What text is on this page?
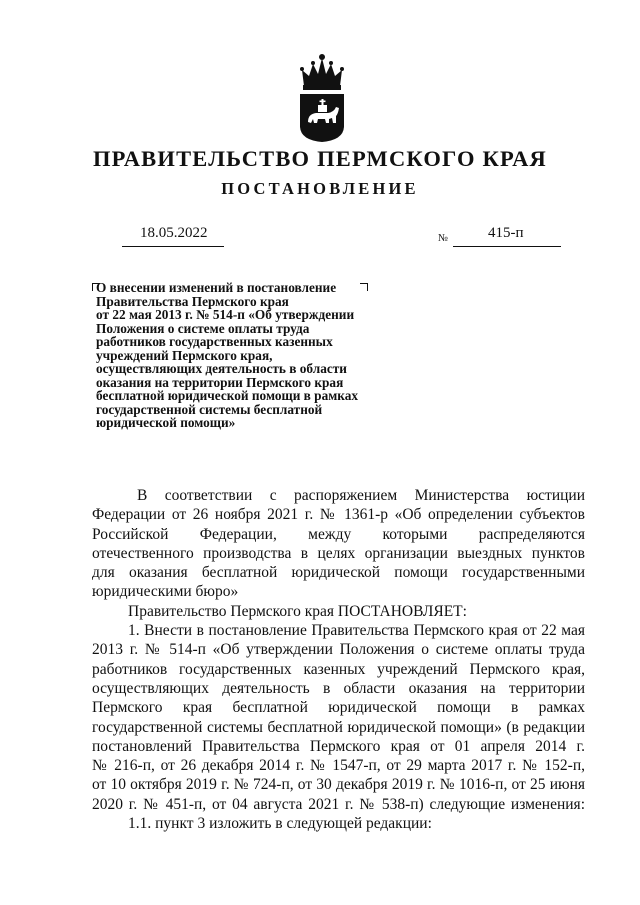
ПРАВИТЕЛЬСТВО ПЕРМСКОГО КРАЯ
ПОСТАНОВЛЕНИЕ
18.05.2022	№	415-п
О внесении изменений в постановление
Правительства Пермского края
от 22 мая 2013 г. № 514-п «Об утверждении
Положения о системе оплаты труда
работников государственных казенных
учреждений Пермского края,
осуществляющих деятельность в области
оказания на территории Пермского края
бесплатной юридической помощи в рамках
государственной системы бесплатной
юридической помощи»
В соответствии с распоряжением Министерства юстиции
Федерации от 26 ноября 2021 г. № 1361-р «Об определении субъектов
Российской Федерации, между которыми распределяются
отечественного производства в целях организации выездных пунктов
для оказания бесплатной юридической помощи государственными
юридическими бюро»
Правительство Пермского края ПОСТАНОВЛЯЕТ:
1. Внести в постановление Правительства Пермского края от 22 мая
2013 г. № 514-п «Об утверждении Положения о системе оплаты труда
работников государственных казенных учреждений Пермского края,
осуществляющих деятельность в области оказания на территории
Пермского края бесплатной юридической помощи в рамках
государственной системы бесплатной юридической помощи» (в редакции
постановлений Правительства Пермского края от 01 апреля 2014 г.
№ 216-п, от 26 декабря 2014 г. № 1547-п, от 29 марта 2017 г. № 152-п,
от 10 октября 2019 г. № 724-п, от 30 декабря 2019 г. № 1016-п, от 25 июня
2020 г. № 451-п, от 04 августа 2021 г. № 538-п) следующие изменения:
1.1. пункт 3 изложить в следующей редакции:
